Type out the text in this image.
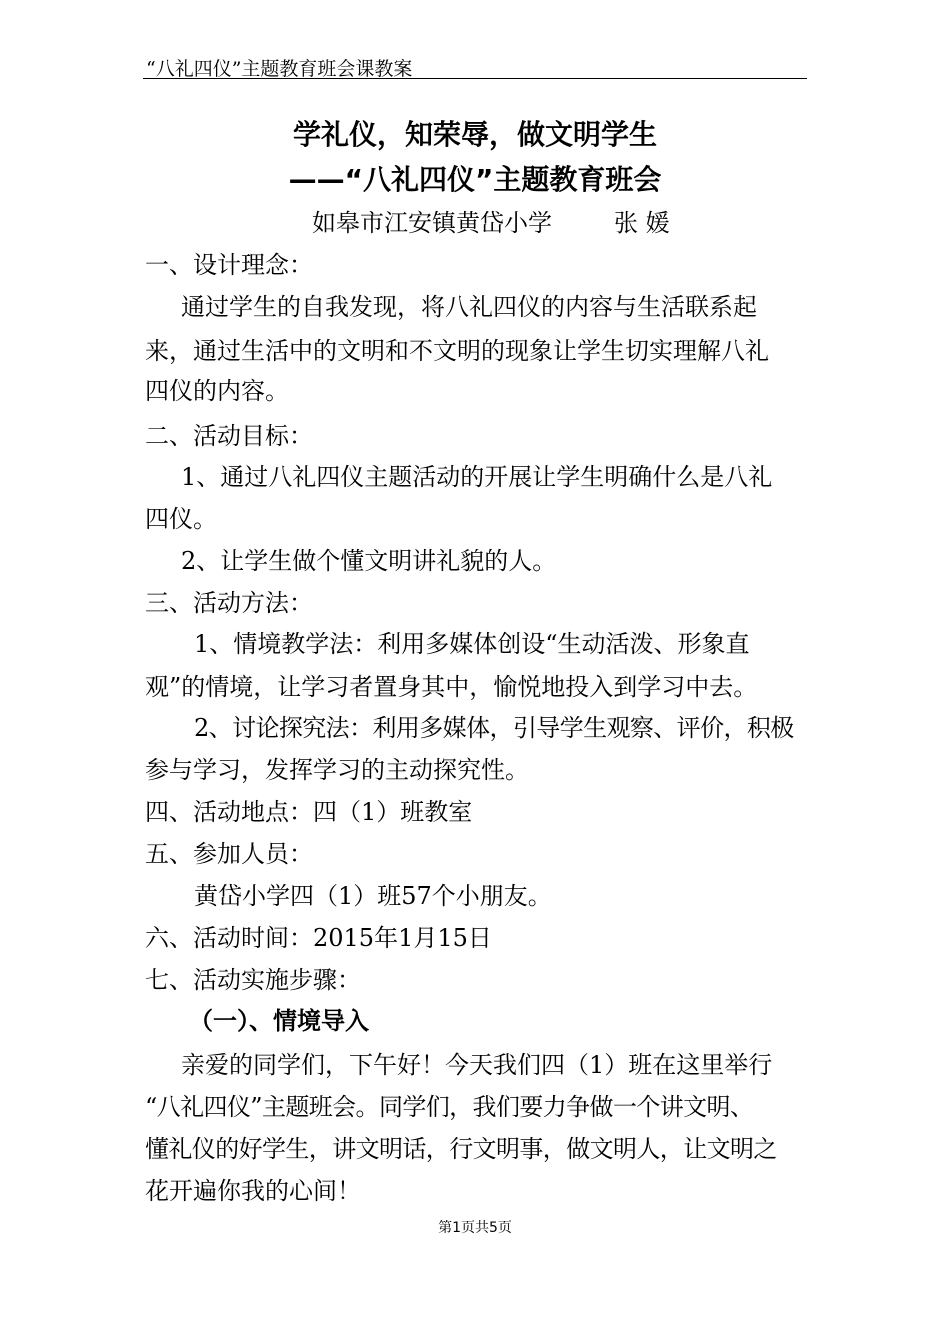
“八礼四仪”主题教育班会课教案
学礼仪，知荣辱，做文明学生
——“八礼四仪”主题教育班会
如皋市江安镇黄岱小学	张 媛
一、设计理念：
通过学生的自我发现，将八礼四仪的内容与生活联系起
来，通过生活中的文明和不文明的现象让学生切实理解八礼
四仪的内容。
二、活动目标：
1、通过八礼四仪主题活动的开展让学生明确什么是八礼
四仪。
2、让学生做个懂文明讲礼貌的人。
三、活动方法：
1、情境教学法：利用多媒体创设“生动活泼、形象直
观”的情境，让学习者置身其中，愉悦地投入到学习中去。
2、讨论探究法：利用多媒体，引导学生观察、评价，积极
参与学习，发挥学习的主动探究性。
四、活动地点：四（1）班教室
五、参加人员：
黄岱小学四（1）班57个小朋友。
六、活动时间：2015年1月15日
七、活动实施步骤：
（一）、情境导入
亲爱的同学们，下午好！今天我们四（1）班在这里举行
“八礼四仪”主题班会。同学们，我们要力争做一个讲文明、
懂礼仪的好学生，讲文明话，行文明事，做文明人，让文明之
花开遍你我的心间！
第1页共5页
